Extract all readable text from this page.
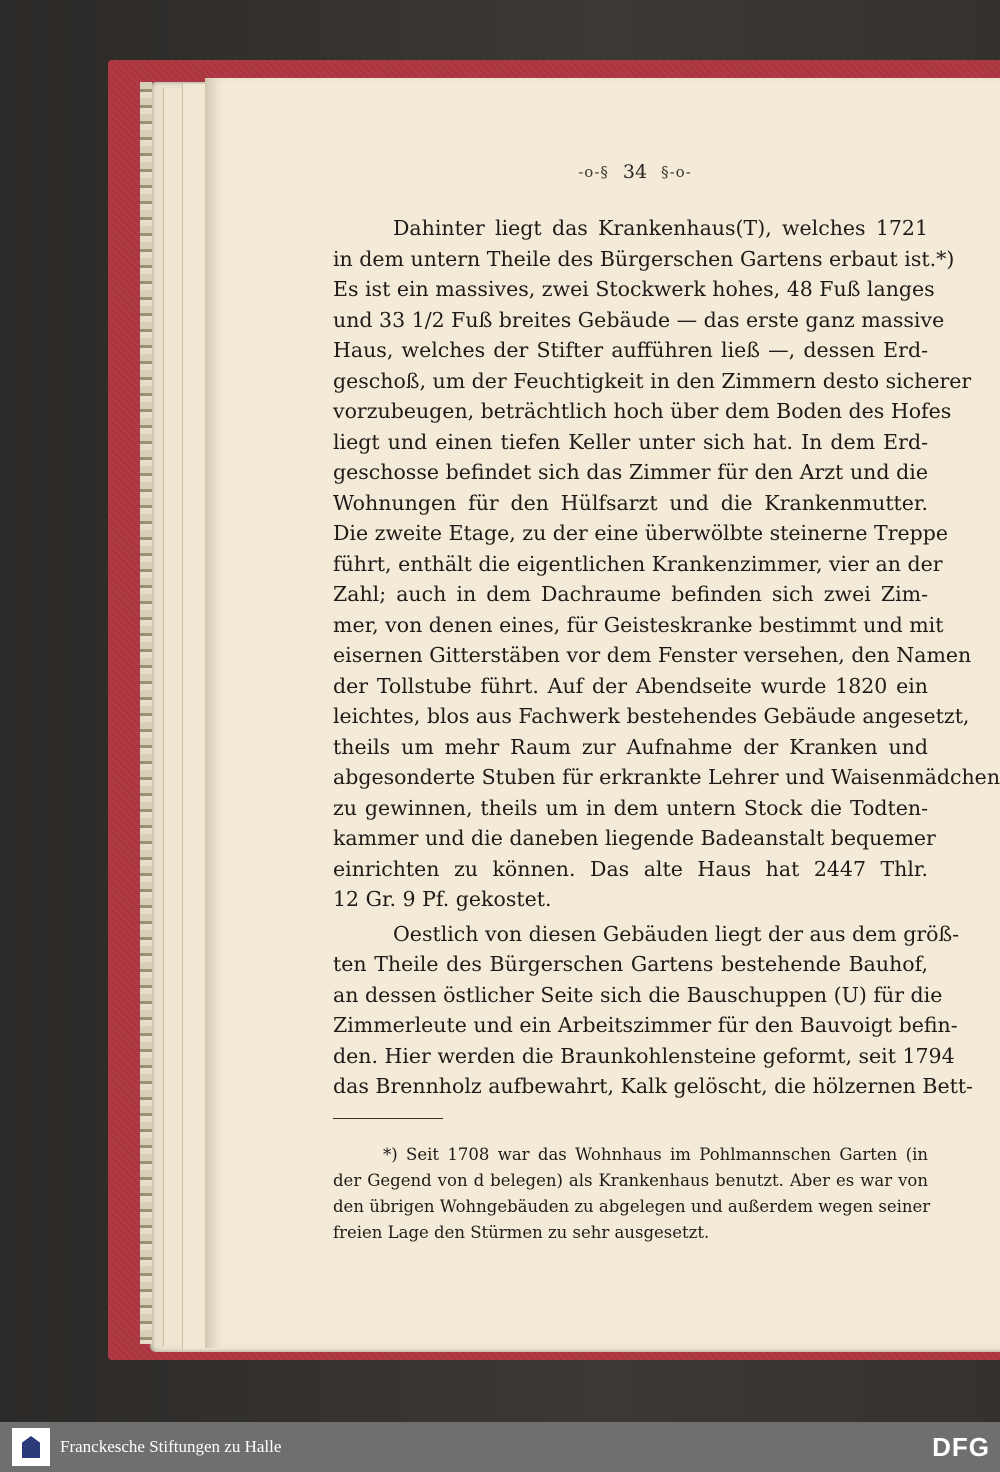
-o-§ 34 §-o-
Dahinter liegt das Krankenhaus(T), welches 1721
in dem untern Theile des Bürgerschen Gartens erbaut ist.*)
Es ist ein massives, zwei Stockwerk hohes, 48 Fuß langes
und 33 1/2 Fuß breites Gebäude — das erste ganz massive
Haus, welches der Stifter aufführen ließ —, dessen Erd-
geschoß, um der Feuchtigkeit in den Zimmern desto sicherer
vorzubeugen, beträchtlich hoch über dem Boden des Hofes
liegt und einen tiefen Keller unter sich hat. In dem Erd-
geschosse befindet sich das Zimmer für den Arzt und die
Wohnungen für den Hülfsarzt und die Krankenmutter.
Die zweite Etage, zu der eine überwölbte steinerne Treppe
führt, enthält die eigentlichen Krankenzimmer, vier an der
Zahl; auch in dem Dachraume befinden sich zwei Zim-
mer, von denen eines, für Geisteskranke bestimmt und mit
eisernen Gitterstäben vor dem Fenster versehen, den Namen
der Tollstube führt. Auf der Abendseite wurde 1820 ein
leichtes, blos aus Fachwerk bestehendes Gebäude angesetzt,
theils um mehr Raum zur Aufnahme der Kranken und
abgesonderte Stuben für erkrankte Lehrer und Waisenmädchen
zu gewinnen, theils um in dem untern Stock die Todten-
kammer und die daneben liegende Badeanstalt bequemer
einrichten zu können. Das alte Haus hat 2447 Thlr.
12 Gr. 9 Pf. gekostet.
Oestlich von diesen Gebäuden liegt der aus dem größ-
ten Theile des Bürgerschen Gartens bestehende Bauhof,
an dessen östlicher Seite sich die Bauschuppen (U) für die
Zimmerleute und ein Arbeitszimmer für den Bauvoigt befin-
den. Hier werden die Braunkohlensteine geformt, seit 1794
das Brennholz aufbewahrt, Kalk gelöscht, die hölzernen Bett-
*) Seit 1708 war das Wohnhaus im Pohlmannschen Garten (in
der Gegend von d belegen) als Krankenhaus benutzt. Aber es war von
den übrigen Wohngebäuden zu abgelegen und außerdem wegen seiner
freien Lage den Stürmen zu sehr ausgesetzt.
Franckesche Stiftungen zu Halle	DFG
